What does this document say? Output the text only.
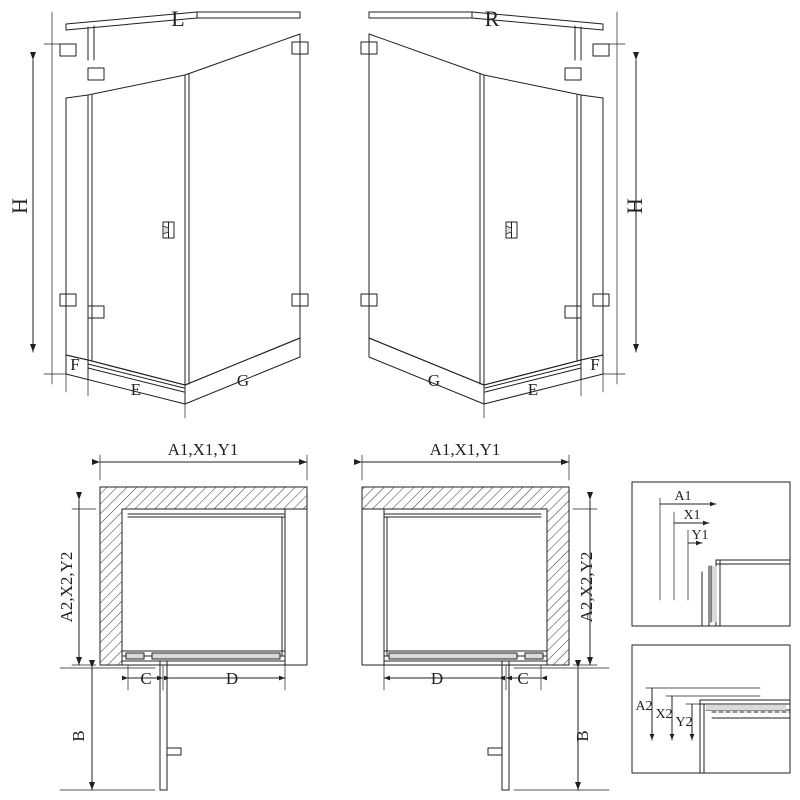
L	R
H	H
F
E	G	G	E
F
A1,X1,Y1	A1,X1,Y1
A2,X2,Y2	A2,X2,Y2
C	D	D	C
B	B
A1
X1
Y1
A2
X2
Y2
